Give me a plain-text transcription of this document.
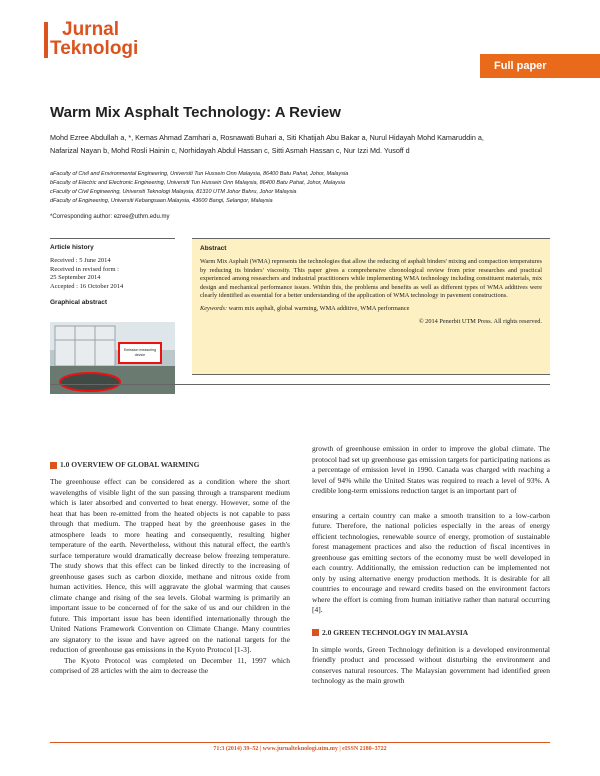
Jurnal
Teknologi
Full paper
Warm Mix Asphalt Technology: A Review
Mohd Ezree Abdullah a, *, Kemas Ahmad Zamhari a, Rosnawati Buhari a, Siti Khatijah Abu Bakar a, Nurul Hidayah Mohd Kamaruddin a,
Nafarizal Nayan b, Mohd Rosli Hainin c, Norhidayah Abdul Hassan c, Sitti Asmah Hassan c, Nur Izzi Md. Yusoff d
aFaculty of Civil and Environmental Engineering, Universiti Tun Hussein Onn Malaysia, 86400 Batu Pahat, Johor, Malaysia
bFaculty of Electric and Electronic Engineering, Universiti Tun Hussein Onn Malaysia, 86400 Batu Pahat, Johor, Malaysia
cFaculty of Civil Engineering, Universiti Teknologi Malaysia, 81310 UTM Johor Bahru, Johor Malaysia
dFaculty of Engineering, Universiti Kebangsaan Malaysia, 43600 Bangi, Selangor, Malaysia
*Corresponding author: ezree@uthm.edu.my
Article history
Received : 5 June 2014
Received in revised form :
25 September 2014
Accepted : 16 October 2014
Graphical abstract
Emission measuring device
Abstract
Warm Mix Asphalt (WMA) represents the technologies that allow the reducing of asphalt binders' mixing and compaction temperatures by reducing its binders' viscosity. This paper gives a comprehensive chronological review from prior researches and practical experienced among researchers and industrial practitioners while implementing WMA technology including constituent materials, mix design and mechanical performance issues. Within this, the problems and benefits as well as different types of WMA additives were clearly identified as essential for a better understanding of the application of WMA technology in pavement constructions.
Keywords: warm mix asphalt, global warming, WMA additive, WMA performance
© 2014 Penerbit UTM Press. All rights reserved.
1.0 OVERVIEW OF GLOBAL WARMING
The greenhouse effect can be considered as a condition where the short wavelengths of visible light of the sun passing through a transparent medium which is later absorbed and converted to heat energy. However, some of the heat that has been re-emitted from the heated objects is not capable to pass through that medium. The trapped heat by the greenhouse gases in the atmosphere leads to more heating and consequently, resulting higher temperature of the earth. Nevertheless, without this natural effect, the earth's surface temperature would dramatically decrease below freezing temperature. The study shows that this effect can be linked directly to the increasing of greenhouse gases such as carbon dioxide, methane and nitrous oxide from human activities. Hence, this will aggravate the global warming that causes climate change and rising of the sea levels. Global warming is primarily an important issue to be concerned of for the sake of us and our children in the future. This important issue has been identified internationally through the United Nations Framework Convention on Climate Change. Many countries are signatory to the issue and have agreed on the national targets for the reduction of greenhouse gas emissions in the Kyoto Protocol [1-3].
The Kyoto Protocol was completed on December 11, 1997 which comprised of 28 articles with the aim to decrease the
growth of greenhouse emission in order to improve the global climate. The protocol had set up greenhouse gas emission targets for participating nations as a percentage of emission level in 1990. Canada was charged with reaching a level of 94% while the United States was required to reach a level of 93%. A credible long-term emissions reduction target is an important part of
ensuring a certain country can make a smooth transition to a low-carbon future. Therefore, the national policies especially in the areas of energy efficient technologies, renewable source of energy, promotion of sustainable forest management practices and also the reduction of fiscal incentives in greenhouse gas emitting sectors of the economy must be well developed in each country. Additionally, the emission reduction can be implemented not only by using alternative energy production methods. It is desirable for all countries to encourage and reward credits based on the environment factors where the effort is coming from human initiative rather than natural occurring [4].
2.0 GREEN TECHNOLOGY IN MALAYSIA
In simple words, Green Technology definition is a developed environmental friendly product and processed without disturbing the environment and conserves natural resources. The Malaysian government had identified green technology as the main growth
71:3 (2014) 39–52 | www.jurnalteknologi.utm.my | eISSN 2180–3722
